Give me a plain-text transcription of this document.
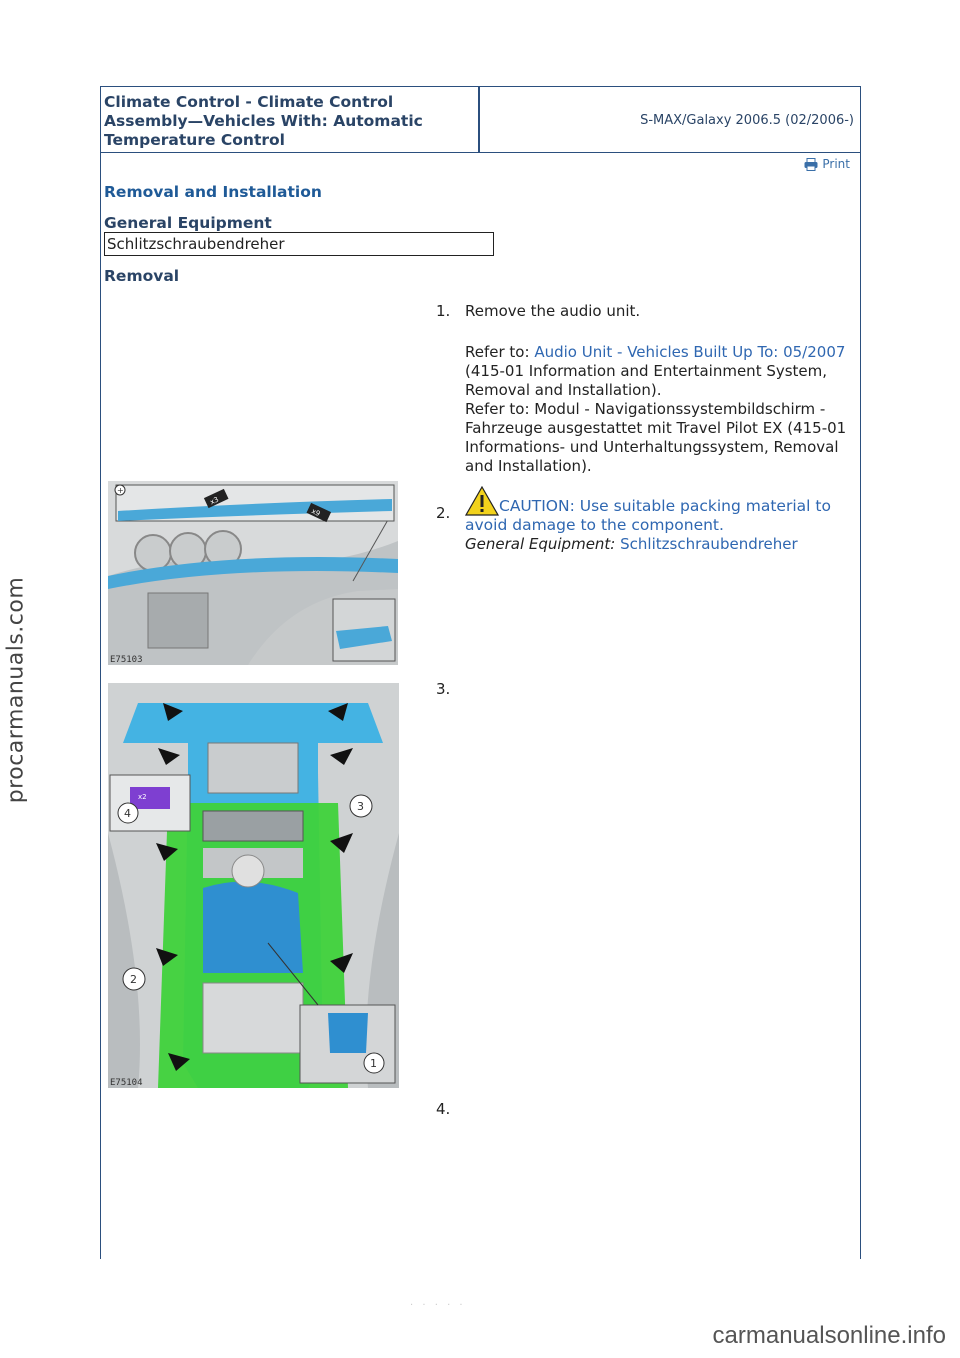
procarmanuals.com
Climate Control - Climate Control Assembly—Vehicles With: Automatic Temperature Control
S-MAX/Galaxy 2006.5 (02/2006-)
Print
Removal and Installation
General Equipment
Schlitzschraubendreher
Removal
1. Remove the audio unit.
Refer to: Audio Unit - Vehicles Built Up To: 05/2007 (415-01 Information and Entertainment System, Removal and Installation).
Refer to: Modul - Navigationssystembildschirm - Fahrzeuge ausgestattet mit Travel Pilot EX (415-01 Informations- und Unterhaltungssystem, Removal and Installation).
x3
x9
+
E75103
2.	CAUTION: Use suitable packing material to avoid damage to the component.
General Equipment: Schlitzschraubendreher
4
x2
3
2
1
E75104
3.
4.
· · · · ·
carmanualsonline.info
